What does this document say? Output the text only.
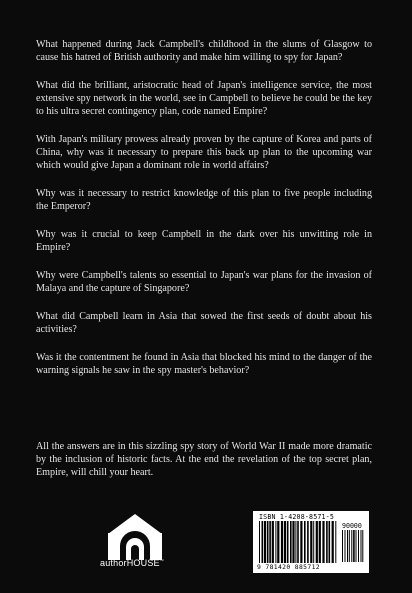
What happened during Jack Campbell's childhood in the slums of Glasgow to cause his hatred of British authority and make him willing to spy for Japan?

What did the brilliant, aristocratic head of Japan's intelligence service, the most extensive spy network in the world, see in Campbell to believe he could be the key to his ultra secret contingency plan, code named Empire?

With Japan's military prowess already proven by the capture of Korea and parts of China, why was it necessary to prepare this back up plan to the upcoming war which would give Japan a dominant role in world affairs?

Why was it necessary to restrict knowledge of this plan to five people including the Emperor?

Why was it crucial to keep Campbell in the dark over his unwitting role in Empire?

Why were Campbell's talents so essential to Japan's war plans for the invasion of Malaya and the capture of Singapore?

What did Campbell learn in Asia that sowed the first seeds of doubt about his activities?

Was it the contentment he found in Asia that blocked his mind to the danger of the warning signals he saw in the spy master's behavior?

All the answers are in this sizzling spy story of World War II made more dramatic by the inclusion of historic facts. At the end the revelation of the top secret plan, Empire, will chill your heart.

authorHOUSE™
ISBN 1-4208-8571-5
90000
9 781420 885712
